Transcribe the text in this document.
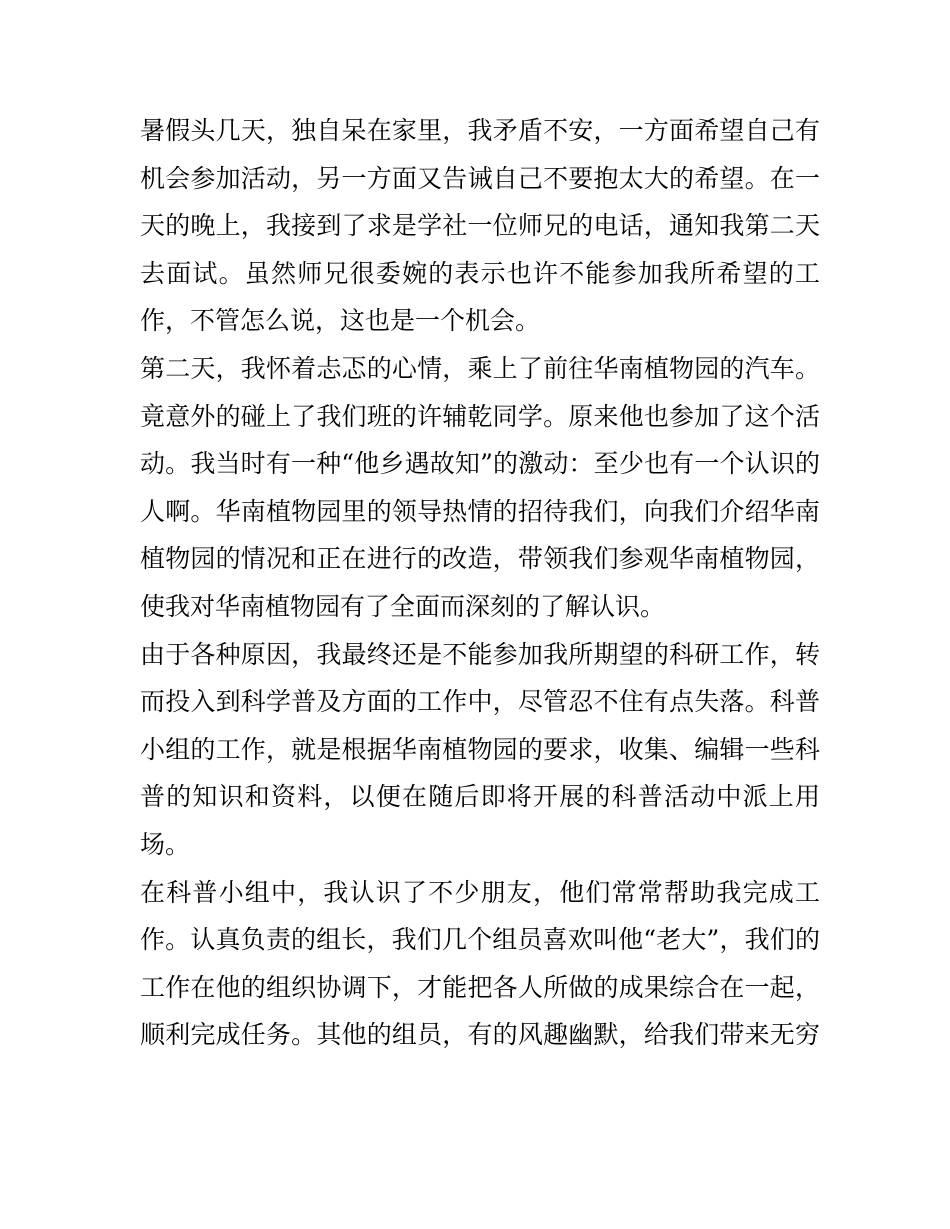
暑假头几天，独自呆在家里，我矛盾不安，一方面希望自己有
机会参加活动，另一方面又告诫自己不要抱太大的希望。在一
天的晚上，我接到了求是学社一位师兄的电话，通知我第二天
去面试。虽然师兄很委婉的表示也许不能参加我所希望的工
作，不管怎么说，这也是一个机会。
第二天，我怀着忐忑的心情，乘上了前往华南植物园的汽车。
竟意外的碰上了我们班的许辅乾同学。原来他也参加了这个活
动。我当时有一种“他乡遇故知”的激动：至少也有一个认识的
人啊。华南植物园里的领导热情的招待我们，向我们介绍华南
植物园的情况和正在进行的改造，带领我们参观华南植物园，
使我对华南植物园有了全面而深刻的了解认识。
由于各种原因，我最终还是不能参加我所期望的科研工作，转
而投入到科学普及方面的工作中，尽管忍不住有点失落。科普
小组的工作，就是根据华南植物园的要求，收集、编辑一些科
普的知识和资料，以便在随后即将开展的科普活动中派上用
场。
在科普小组中，我认识了不少朋友，他们常常帮助我完成工
作。认真负责的组长，我们几个组员喜欢叫他“老大”，我们的
工作在他的组织协调下，才能把各人所做的成果综合在一起，
顺利完成任务。其他的组员，有的风趣幽默，给我们带来无穷
